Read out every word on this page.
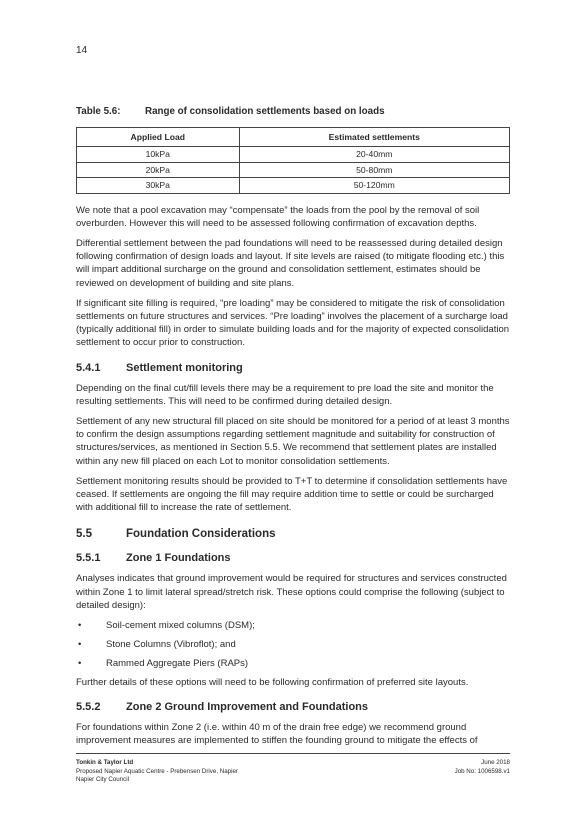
14
Table 5.6:	Range of consolidation settlements based on loads
Applied Load	Estimated settlements
10kPa	20-40mm
20kPa	50-80mm
30kPa	50-120mm

We note that a pool excavation may “compensate” the loads from the pool by the removal of soil overburden. However this will need to be assessed following confirmation of excavation depths.

Differential settlement between the pad foundations will need to be reassessed during detailed design following confirmation of design loads and layout. If site levels are raised (to mitigate flooding etc.) this will impart additional surcharge on the ground and consolidation settlement, estimates should be reviewed on development of building and site plans.

If significant site filling is required, “pre loading” may be considered to mitigate the risk of consolidation settlements on future structures and services. “Pre loading” involves the placement of a surcharge load (typically additional fill) in order to simulate building loads and for the majority of expected consolidation settlement to occur prior to construction.

5.4.1	Settlement monitoring

Depending on the final cut/fill levels there may be a requirement to pre load the site and monitor the resulting settlements. This will need to be confirmed during detailed design.

Settlement of any new structural fill placed on site should be monitored for a period of at least 3 months to confirm the design assumptions regarding settlement magnitude and suitability for construction of structures/services, as mentioned in Section 5.5. We recommend that settlement plates are installed within any new fill placed on each Lot to monitor consolidation settlements.

Settlement monitoring results should be provided to T+T to determine if consolidation settlements have ceased. If settlements are ongoing the fill may require addition time to settle or could be surcharged with additional fill to increase the rate of settlement.

5.5	Foundation Considerations
5.5.1	Zone 1 Foundations

Analyses indicates that ground improvement would be required for structures and services constructed within Zone 1 to limit lateral spread/stretch risk. These options could comprise the following (subject to detailed design):

•	Soil-cement mixed columns (DSM);
•	Stone Columns (Vibroflot); and
•	Rammed Aggregate Piers (RAPs)

Further details of these options will need to be following confirmation of preferred site layouts.

5.5.2	Zone 2 Ground Improvement and Foundations

For foundations within Zone 2 (i.e. within 40 m of the drain free edge) we recommend ground improvement measures are implemented to stiffen the founding ground to mitigate the effects of

Tonkin & Taylor Ltd
Proposed Napier Aquatic Centre - Prebensen Drive, Napier
Napier City Council
June 2018
Job No: 1006598.v1
